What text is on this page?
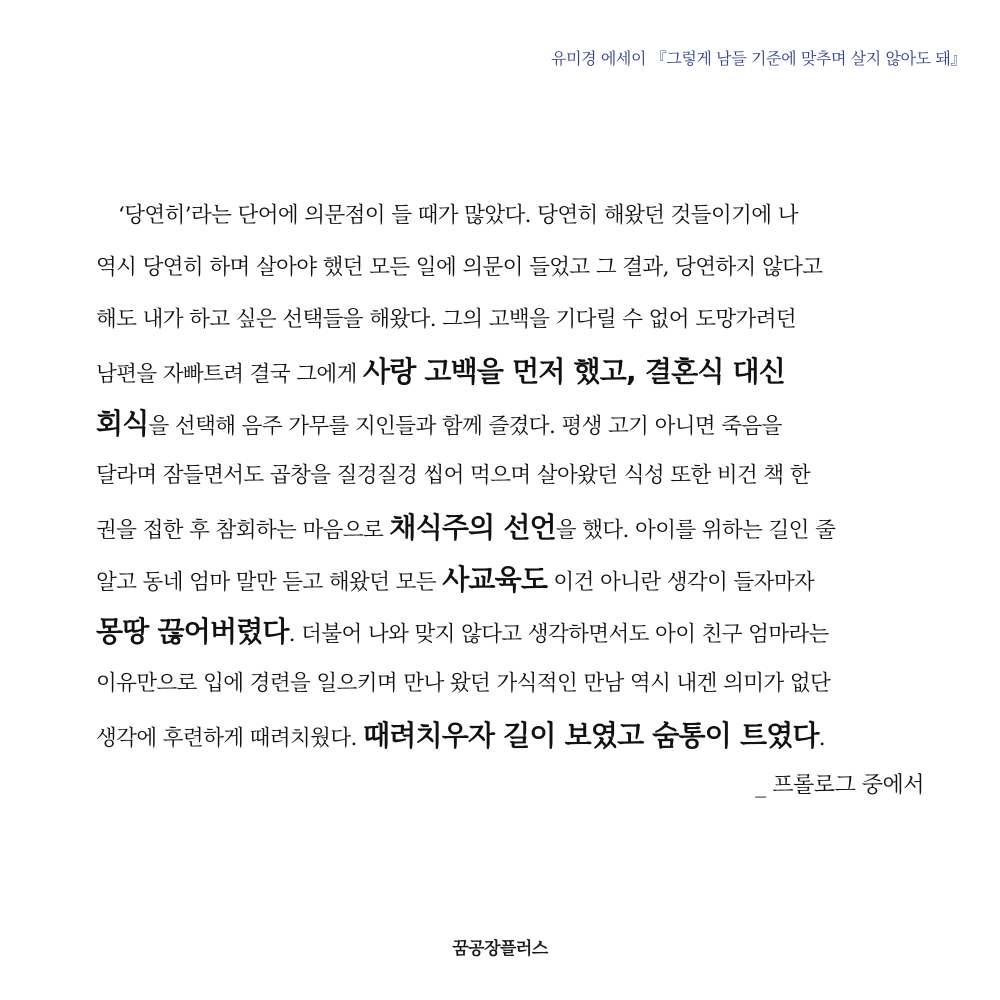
유미경 에세이 『그렇게 남들 기준에 맞추며 살지 않아도 돼』
‘당연히’라는 단어에 의문점이 들 때가 많았다. 당연히 해왔던 것들이기에 나
역시 당연히 하며 살아야 했던 모든 일에 의문이 들었고 그 결과, 당연하지 않다고
해도 내가 하고 싶은 선택들을 해왔다. 그의 고백을 기다릴 수 없어 도망가려던
남편을 자빠트려 결국 그에게 사랑 고백을 먼저 했고, 결혼식 대신
회식을 선택해 음주 가무를 지인들과 함께 즐겼다. 평생 고기 아니면 죽음을
달라며 잠들면서도 곱창을 질겅질겅 씹어 먹으며 살아왔던 식성 또한 비건 책 한
권을 접한 후 참회하는 마음으로 채식주의 선언을 했다. 아이를 위하는 길인 줄
알고 동네 엄마 말만 듣고 해왔던 모든 사교육도 이건 아니란 생각이 들자마자
몽땅 끊어버렸다. 더불어 나와 맞지 않다고 생각하면서도 아이 친구 엄마라는
이유만으로 입에 경련을 일으키며 만나 왔던 가식적인 만남 역시 내겐 의미가 없단
생각에 후련하게 때려치웠다. 때려치우자 길이 보였고 숨통이 트였다.
_ 프롤로그 중에서
꿈공장플러스
